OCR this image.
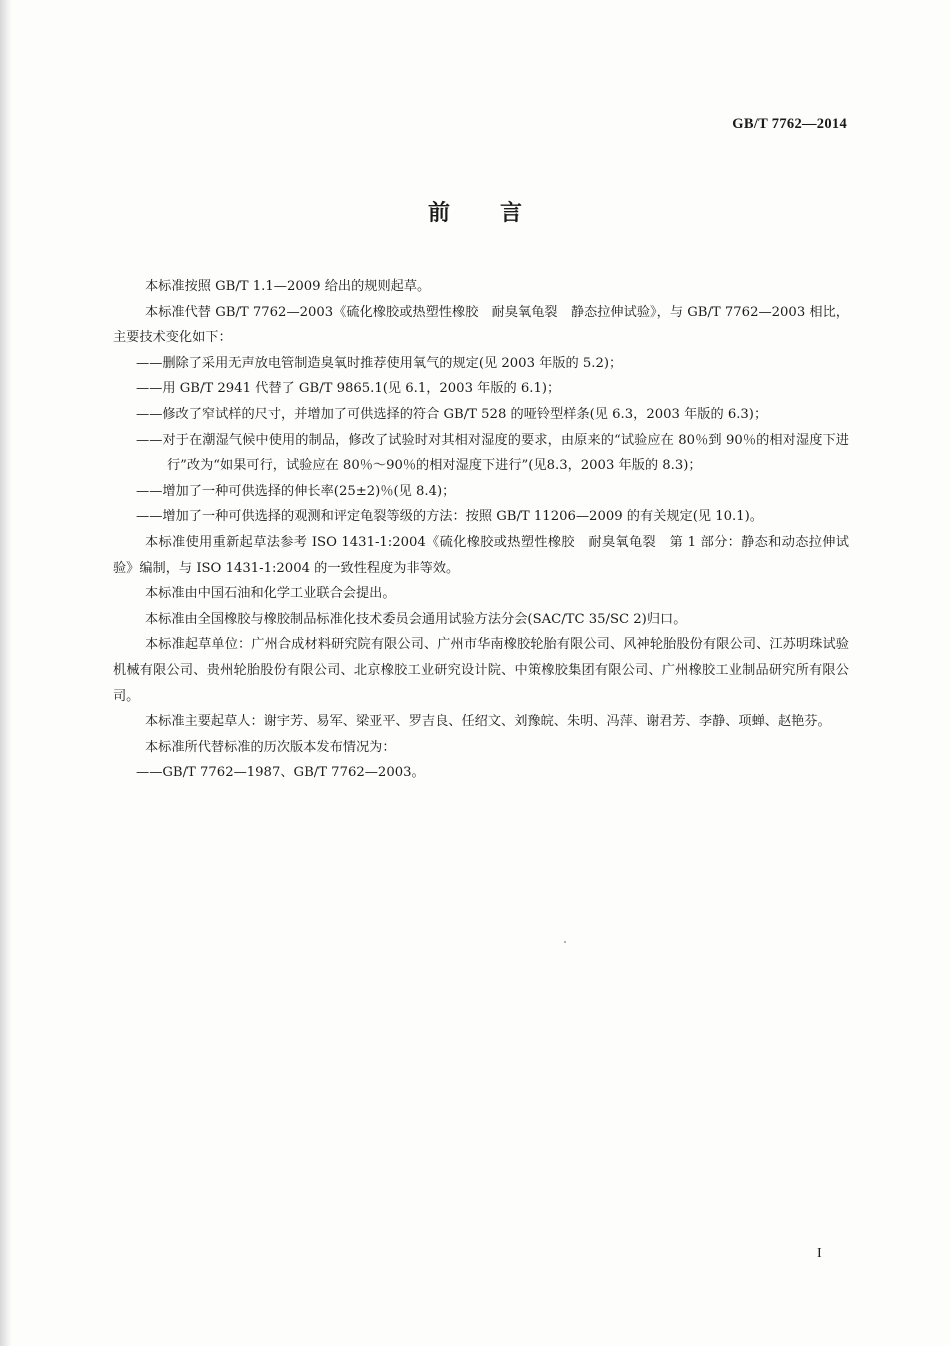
GB/T 7762—2014
前言

本标准按照 GB/T 1.1—2009 给出的规则起草。

本标准代替 GB/T 7762—2003《硫化橡胶或热塑性橡胶　耐臭氧龟裂　静态拉伸试验》，与 GB/T 7762—2003 相比，主要技术变化如下：

——删除了采用无声放电管制造臭氧时推荐使用氧气的规定(见 2003 年版的 5.2)；

——用 GB/T 2941 代替了 GB/T 9865.1(见 6.1，2003 年版的 6.1)；

——修改了窄试样的尺寸，并增加了可供选择的符合 GB/T 528 的哑铃型样条(见 6.3，2003 年版的 6.3)；

——对于在潮湿气候中使用的制品，修改了试验时对其相对湿度的要求，由原来的“试验应在 80％到 90％的相对湿度下进行”改为“如果可行，试验应在 80％～90％的相对湿度下进行”(见8.3，2003 年版的 8.3)；

——增加了一种可供选择的伸长率(25±2)％(见 8.4)；

——增加了一种可供选择的观测和评定龟裂等级的方法：按照 GB/T 11206—2009 的有关规定(见 10.1)。

本标准使用重新起草法参考 ISO 1431-1:2004《硫化橡胶或热塑性橡胶　耐臭氧龟裂　第 1 部分：静态和动态拉伸试验》编制，与 ISO 1431-1:2004 的一致性程度为非等效。

本标准由中国石油和化学工业联合会提出。

本标准由全国橡胶与橡胶制品标准化技术委员会通用试验方法分会(SAC/TC 35/SC 2)归口。

本标准起草单位：广州合成材料研究院有限公司、广州市华南橡胶轮胎有限公司、风神轮胎股份有限公司、江苏明珠试验机械有限公司、贵州轮胎股份有限公司、北京橡胶工业研究设计院、中策橡胶集团有限公司、广州橡胶工业制品研究所有限公司。

本标准主要起草人：谢宇芳、易军、梁亚平、罗吉良、任绍文、刘豫皖、朱明、冯萍、谢君芳、李静、项蝉、赵艳芬。

本标准所代替标准的历次版本发布情况为：

——GB/T 7762—1987、GB/T 7762—2003。

I
